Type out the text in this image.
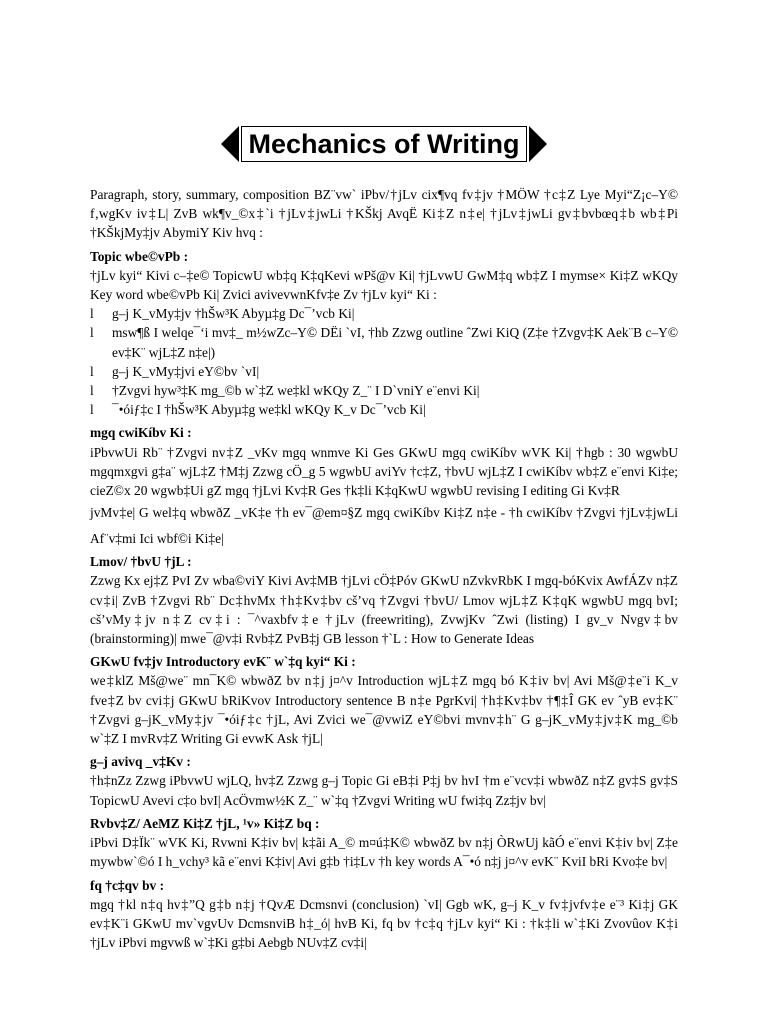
Mechanics of Writing

Paragraph, story, summary, composition BZ¨vw` iPbv/†jLv cix¶vq fv‡jv †MÖW †c‡Z Lye Myi“Z¡c–Y© f‚wgKv iv‡L| ZvB wk¶v_©x‡`i †jLv‡jwLi †KŠkj AvqË Ki‡Z n‡e| †jLv‡jwLi gv‡bvbœq‡b wb‡Pi †KŠkjMy‡jv AbymiY Kiv hvq :

Topic wbe©vPb :

†jLv kyi“ Kivi c–‡e© TopicwU wb‡q K‡qKevi wPš@v Ki| †jLvwU GwM‡q wb‡Z I mymse× Ki‡Z wKQy Key word wbe©vPb Ki| Zvici avivevwnKfv‡e Zv †jLv kyi“ Ki :

l g–j K_vMy‡jv †hŠw³K Abyµ‡g Dc¯’vcb Ki|
l msw¶ß I welqe¯‘i mv‡_ m½wZc–Y© DËi `vI, †hb Zzwg outline ˆZwi KiQ (Z‡e †Zvgv‡K Aek¨B c–Y© ev‡K¨ wjL‡Z n‡e|)
l g–j K_vMy‡jvi eY©bv `vI|
l †Zvgvi hyw³‡K mg_©b w`‡Z we‡kl wKQy Z_¨ I D`vniY e¨envi Ki|
l ¯•óiƒ‡c I †hŠw³K Abyµ‡g we‡kl wKQy K_v Dc¯’vcb Ki|
mgq cwiKíbv Ki :

iPbvwUi Rb¨ †Zvgvi nv‡Z _vKv mgq wnmve Ki Ges GKwU mgq cwiKíbv wVK Ki| †hgb : 30 wgwbU mgqmxgvi g‡a¨ wjL‡Z †M‡j Zzwg cÖ_g 5 wgwbU aviYv †c‡Z, †bvU wjL‡Z I cwiKíbv wb‡Z e¨envi Ki‡e; cieZ©x 20 wgwb‡Ui gZ mgq †jLvi Kv‡R Ges †k‡li K‡qKwU wgwbU revising I editing Gi Kv‡R

jvMv‡e| G wel‡q wbwðZ _vK‡e †h ev¯@em¤§Z mgq cwiKíbv Ki‡Z n‡e - †h cwiKíbv †Zvgvi †jLv‡jwLi Af¨v‡mi Ici wbf©i Ki‡e|

Lmov/ †bvU †jL :

Zzwg Kx ej‡Z PvI Zv wba©viY Kivi Av‡MB †jLvi cÖ‡Póv GKwU nZvkvRbK I mgq-bóKvix AwfÁZv n‡Z cv‡i| ZvB †Zvgvi Rb¨ Dc‡hvMx †h‡Kv‡bv cš’vq †Zvgvi †bvU/ Lmov wjL‡Z K‡qK wgwbU mgq bvI; cš’vMy‡jv n‡Z cv‡i : ¯^vaxbfv‡e †jLv (freewriting), ZvwjKv ˆZwi (listing) I gv_v Nvgv‡bv (brainstorming)| mwe¯@v‡i Rvb‡Z PvB‡j GB lesson †`L : How to Generate Ideas

GKwU fv‡jv Introductory evK¨ w`‡q kyi“ Ki :

we‡klZ Mš@we¨ mn¯K© wbwðZ bv n‡j j¤^v Introduction wjL‡Z mgq bó K‡iv bv| Avi Mš@‡e¨i K_v fve‡Z bv cvi‡j GKwU bRiKvov Introductory sentence B n‡e PgrKvi| †h‡Kv‡bv †¶‡Î GK ev ˆyB ev‡K¨ †Zvgvi g–jK_vMy‡jv ¯•óiƒ‡c †jL, Avi Zvici we¯@vwiZ eY©bvi mvnv‡h¨ G g–jK_vMy‡jv‡K mg_©b w`‡Z I mvRv‡Z Writing Gi evwK Ask †jL|

g–j avivq _v‡Kv :

†h‡nZz Zzwg iPbvwU wjLQ, hv‡Z Zzwg g–j Topic Gi eB‡i P‡j bv hvI †m e¨vcv‡i wbwðZ n‡Z gv‡S gv‡S TopicwU Avevi c‡o bvI| AcÖvmw½K Z_¨ w`‡q †Zvgvi Writing wU fwi‡q Zz‡jv bv|

Rvbv‡Z/ AeMZ Ki‡Z †jL, ¹v» Ki‡Z bq :

iPbvi D‡Ïk¨ wVK Ki, Rvwni K‡iv bv| k‡ãi A_© m¤ú‡K© wbwðZ bv n‡j ÒRwUj kãÓ e¨envi K‡iv bv| Z‡e mywbw`©ó I h_vchy³ kã e¨envi K‡iv| Avi g‡b †i‡Lv †h key words A¯•ó n‡j j¤^v evK¨ KviI bRi Kvo‡e bv|

fq †c‡qv bv :

mgq †kl n‡q hv‡”Q g‡b n‡j †QvÆ Dcmsnvi (conclusion) `vI| Ggb wK, g–j K_v fv‡jvfv‡e e¨³ Ki‡j GK ev‡K¨i GKwU mv`vgvUv DcmsnviB h‡_ó| hvB Ki, fq bv †c‡q †jLv kyi“ Ki : †k‡li w`‡Ki Zvovûov K‡i †jLv iPbvi mgvwß w`‡Ki g‡bi Aebgb NUv‡Z cv‡i|
